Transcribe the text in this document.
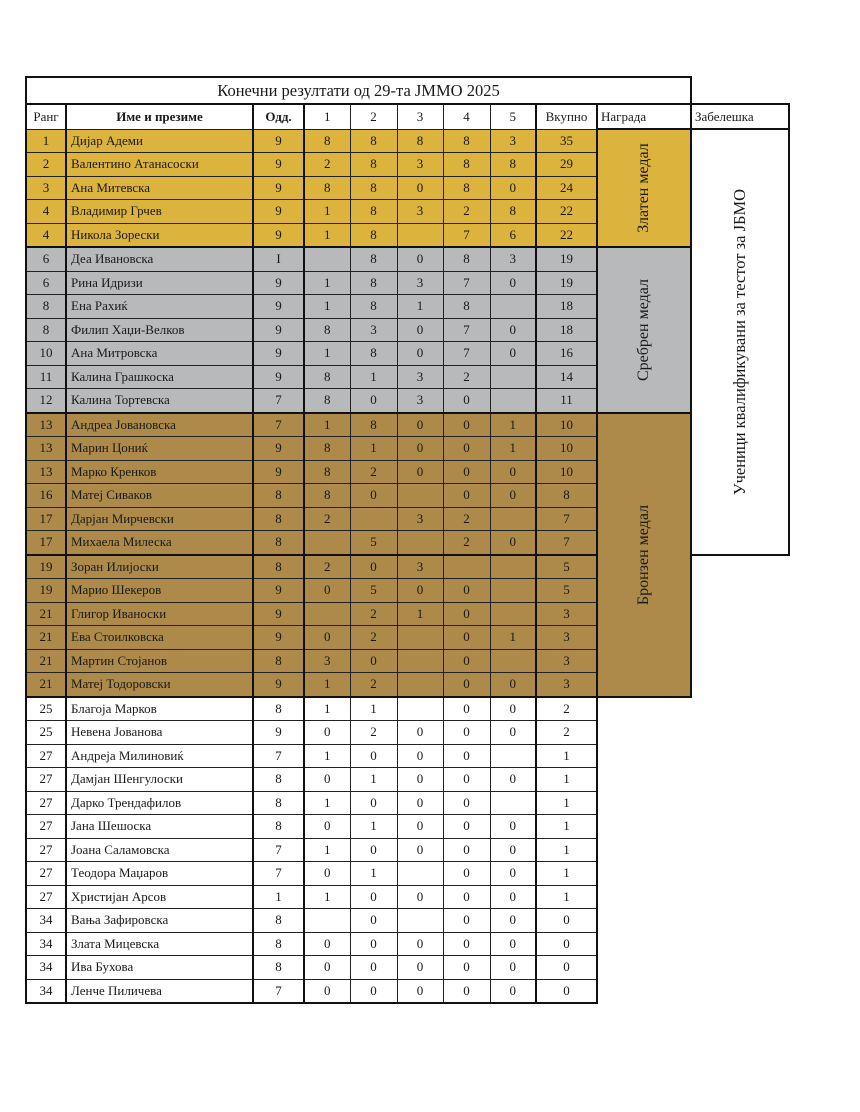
Конечни резултати од 29-та ЈММО 2025										
Ранг	Име и презиме	Одд.	1	2	3	4	5	Вкупно	Награда	Забелешка
1	Дијар Адеми	9	8	8	8	8	3	35	Златен медал	Ученици квалификувани за тестот за ЈБМО

2	Валентино Атанасоски	9	2	8	3	8	8	29		
3	Ана Митевска	9	8	8	0	8	0	24		
4	Владимир Грчев	9	1	8	3	2	8	22		
4	Никола Зорески	9	1	8		7	6	22		
6	Деа Ивановска	I		8	0	8	3	19	Сребрен медал	

6	Рина Идризи	9	1	8	3	7	0	19		
8	Ена Рахиќ	9	1	8	1	8		18		
8	Филип Хаџи-Велков	9	8	3	0	7	0	18		
10	Ана Митровска	9	1	8	0	7	0	16		
11	Калина Грашкоска	9	8	1	3	2		14		
12	Калина Тортевска	7	8	0	3	0		11		
13	Андреа Јовановска	7	1	8	0	0	1	10	Бронзен медал	

13	Марин Цониќ	9	8	1	0	0	1	10		
13	Марко Кренков	9	8	2	0	0	0	10		
16	Матеј Сиваков	8	8	0		0	0	8		
17	Дарјан Мирчевски	8	2		3	2		7		
17	Михаела Милеска	8		5		2	0	7		
19	Зоран Илијоски	8	2	0	3			5		
19	Марио Шекеров	9	0	5	0	0		5		
21	Глигор Иваноски	9		2	1	0		3		
21	Ева Стоилковска	9	0	2		0	1	3		
21	Мартин Стојанов	8	3	0		0		3		
21	Матеј Тодоровски	9	1	2		0	0	3		
25	Благоја Марков	8	1	1		0	0	2		
25	Невена Јованова	9	0	2	0	0	0	2		
27	Андреја Милиновиќ	7	1	0	0	0		1		
27	Дамјан Шенгулоски	8	0	1	0	0	0	1		
27	Дарко Трендафилов	8	1	0	0	0		1		
27	Јана Шешоска	8	0	1	0	0	0	1		
27	Јоана Саламовска	7	1	0	0	0	0	1		
27	Теодора Маџаров	7	0	1		0	0	1		
27	Христијан Арсов	1	1	0	0	0	0	1		
34	Вања Зафировска	8		0		0	0	0		
34	Злата Мицевска	8	0	0	0	0	0	0		
34	Ива Бухова	8	0	0	0	0	0	0		
34	Ленче Пиличева	7	0	0	0	0	0	0		
